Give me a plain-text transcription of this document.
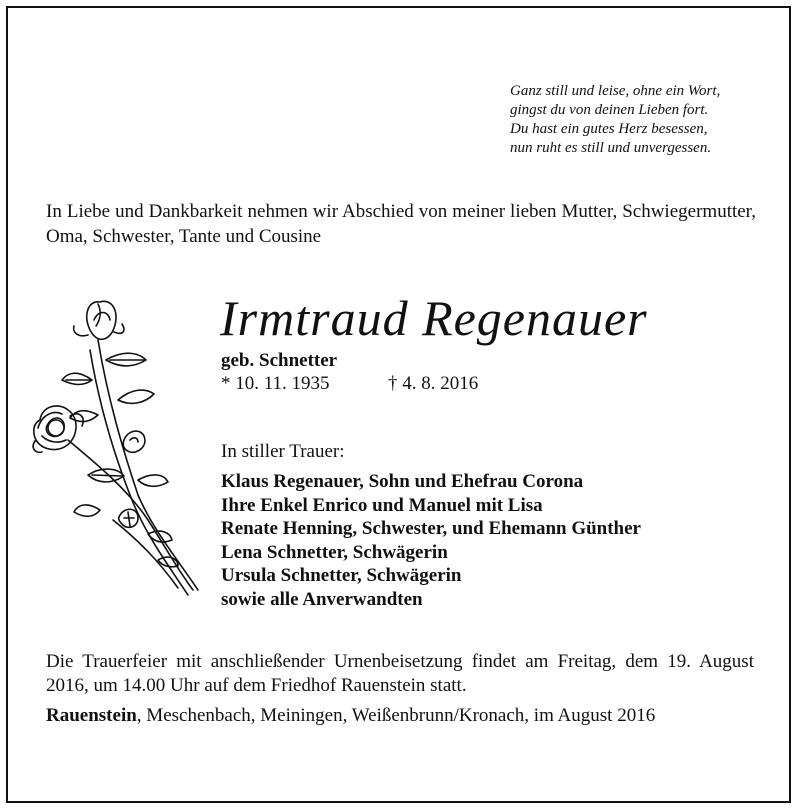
Ganz still und leise, ohne ein Wort,
gingst du von deinen Lieben fort.
Du hast ein gutes Herz besessen,
nun ruht es still und unvergessen.
In Liebe und Dankbarkeit nehmen wir Abschied von meiner lieben Mutter, Schwiegermutter, Oma, Schwester, Tante und Cousine
Irmtraud Regenauer
geb. Schnetter
* 10. 11. 1935	† 4. 8. 2016
In stiller Trauer:
Klaus Regenauer, Sohn und Ehefrau Corona
Ihre Enkel Enrico und Manuel mit Lisa
Renate Henning, Schwester, und Ehemann Günther
Lena Schnetter, Schwägerin
Ursula Schnetter, Schwägerin
sowie alle Anverwandten
Die Trauerfeier mit anschließender Urnenbeisetzung findet am Freitag, dem 19. August 2016, um 14.00 Uhr auf dem Friedhof Rauenstein statt.
Rauenstein, Meschenbach, Meiningen, Weißenbrunn/Kronach, im August 2016
